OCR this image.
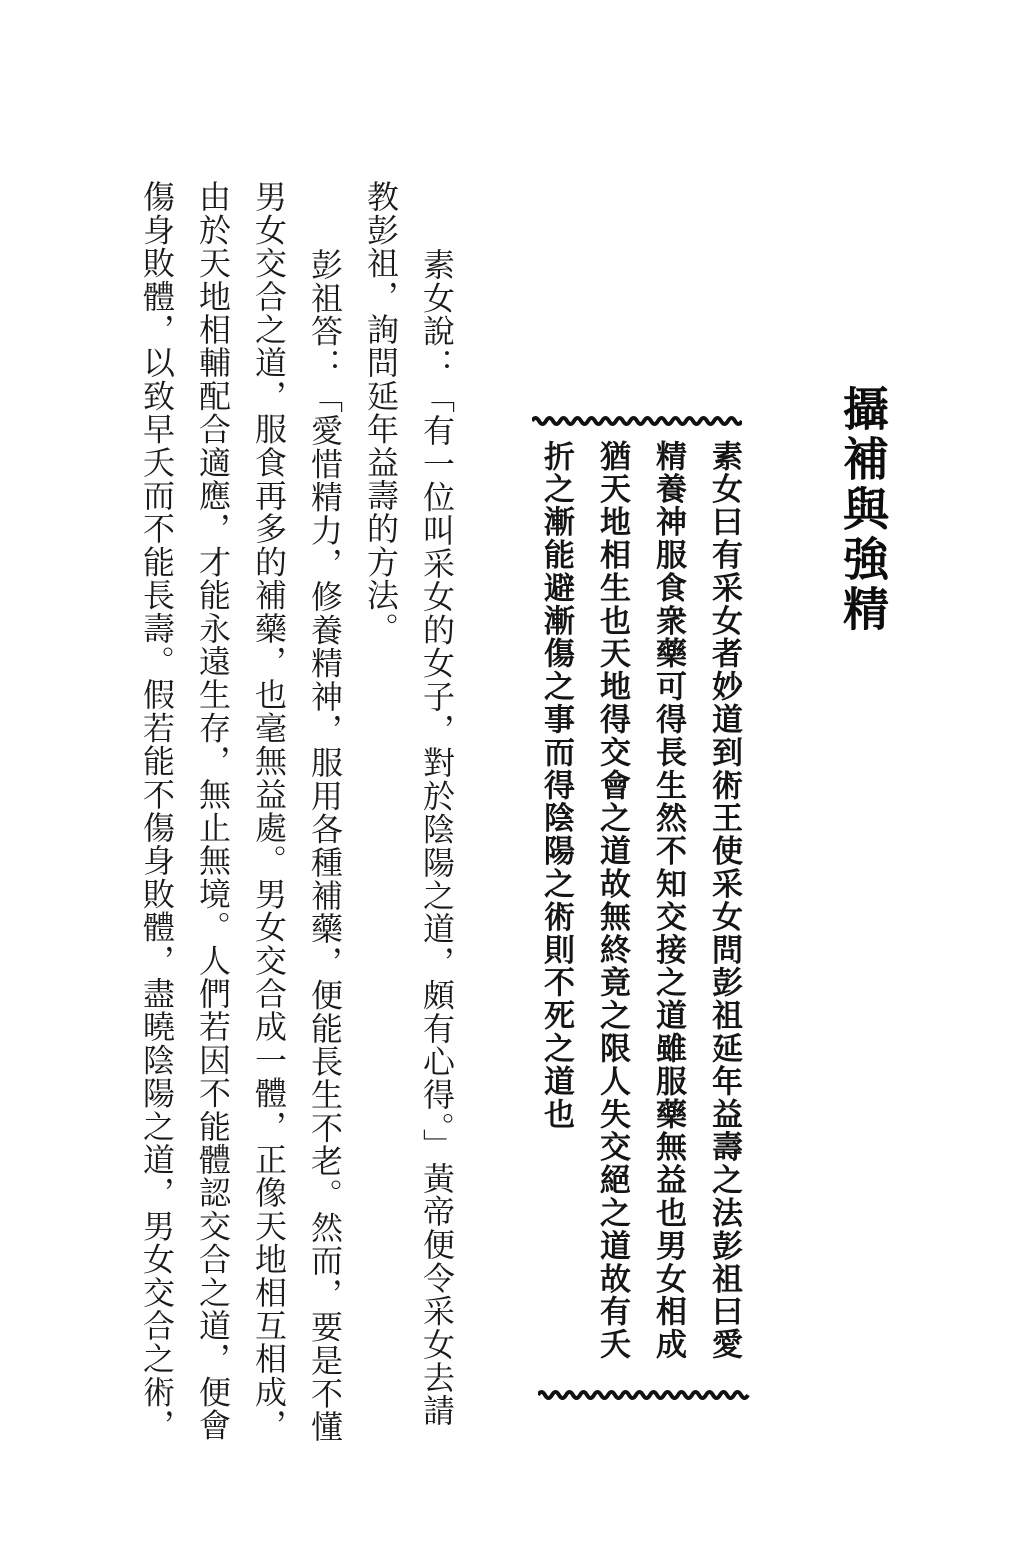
攝補與強精
素女曰有采女者妙道到術王使采女問彭祖延年益壽之法彭祖曰愛
精養神服食衆藥可得長生然不知交接之道雖服藥無益也男女相成
猶天地相生也天地得交會之道故無終竟之限人失交絕之道故有夭
折之漸能避漸傷之事而得陰陽之術則不死之道也
素女說：「有一位叫采女的女子，對於陰陽之道，頗有心得。」黃帝便令采女去請
教彭祖，詢問延年益壽的方法。
彭祖答：「愛惜精力，修養精神，服用各種補藥，便能長生不老。然而，要是不懂
男女交合之道，服食再多的補藥，也毫無益處。男女交合成一體，正像天地相互相成，
由於天地相輔配合適應，才能永遠生存，無止無境。人們若因不能體認交合之道，便會
傷身敗體，以致早夭而不能長壽。假若能不傷身敗體，盡曉陰陽之道，男女交合之術，
